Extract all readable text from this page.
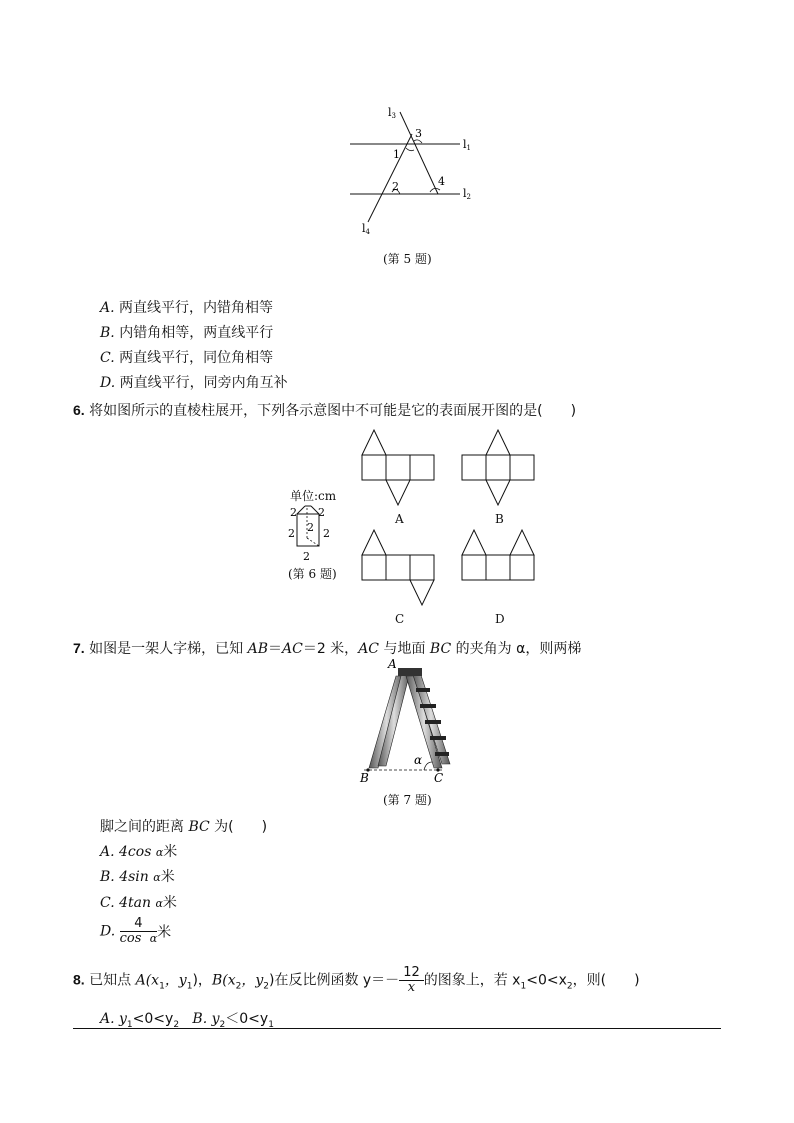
l3
l1
l2
l4
1
2
3
4
(第 5 题)
A. 两直线平行，内错角相等
B. 内错角相等，两直线平行
C. 两直线平行，同位角相等
D. 两直线平行，同旁内角互补
6. 将如图所示的直棱柱展开，下列各示意图中不可能是它的表面展开图的是(　　)
单位:cm
2 2
2
2	2
2
(第 6 题)
A	B
C	D
7. 如图是一架人字梯，已知 AB＝AC＝2 米，AC 与地面 BC 的夹角为 α，则两梯
A
B	C
α
(第 7 题)
脚之间的距离 BC 为(　　)
A. 4cos α米
B. 4sin α米
C. 4tan α米
D. $\frac{4}{\text{cos α}}$ 米
8. 已知点 $A(x_1$，$y_1$)，$B(x_2$，$y_2$)在反比例函数 $y=- \frac{12}{x}$ 的图象上，若 $x_1<0<x_2$，则(　　)
A. $y_1<0<y_2$ B. $y_2<0<y_1$
